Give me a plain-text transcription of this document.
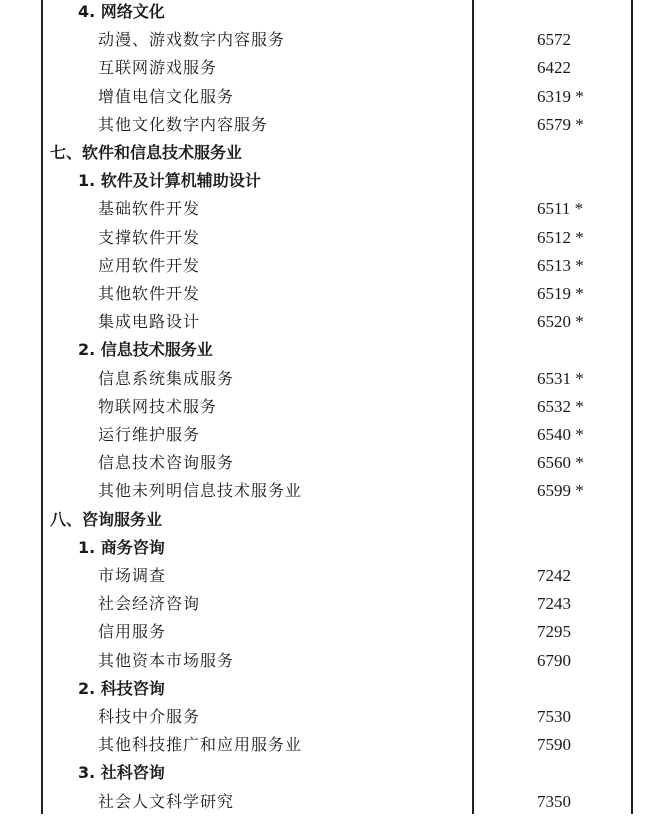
4. 网络文化
动漫、游戏数字内容服务	6572
互联网游戏服务	6422
增值电信文化服务	6319 *
其他文化数字内容服务	6579 *
七、软件和信息技术服务业
1. 软件及计算机辅助设计
基础软件开发	6511 *
支撑软件开发	6512 *
应用软件开发	6513 *
其他软件开发	6519 *
集成电路设计	6520 *
2. 信息技术服务业
信息系统集成服务	6531 *
物联网技术服务	6532 *
运行维护服务	6540 *
信息技术咨询服务	6560 *
其他未列明信息技术服务业	6599 *
八、咨询服务业
1. 商务咨询
市场调查	7242
社会经济咨询	7243
信用服务	7295
其他资本市场服务	6790
2. 科技咨询
科技中介服务	7530
其他科技推广和应用服务业	7590
3. 社科咨询
社会人文科学研究	7350
